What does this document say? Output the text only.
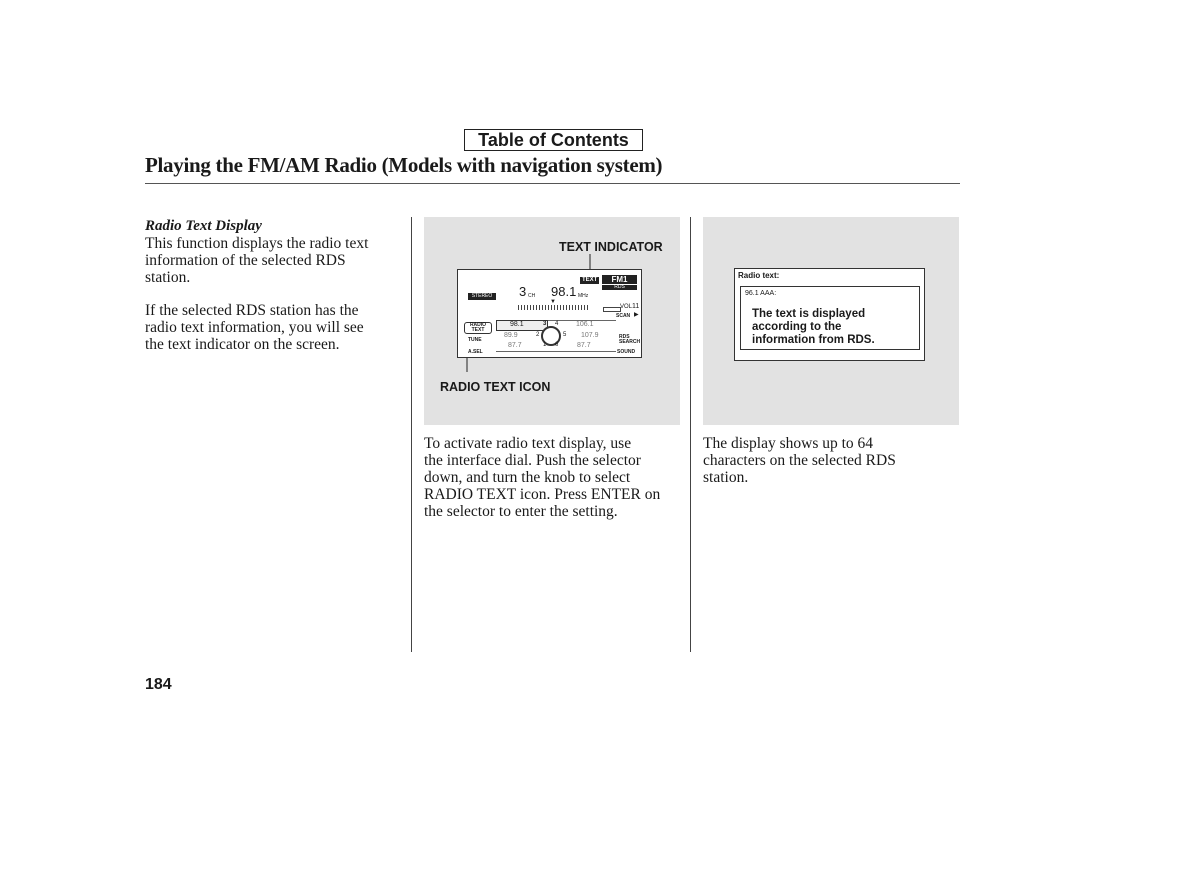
Table of Contents
Playing the FM/AM Radio (Models with navigation system)
Radio Text Display
This function displays the radio text
information of the selected RDS
station.
If the selected RDS station has the
radio text information, you will see
the text indicator on the screen.
TEXT INDICATOR
RADIO TEXT ICON
TEXT	FM1
RDS
STEREO 3 CH 98.1 MHz
▼
VOL 11
SCAN ▶
RADIO TEXT
TUNE
A.SEL
RDS SEARCH
SOUND
98.1
89.9
87.7
3
2
1
4
5
6
106.1
107.9
87.7
To activate radio text display, use
the interface dial. Push the selector
down, and turn the knob to select
RADIO TEXT icon. Press ENTER on
the selector to enter the setting.
Radio text:
96.1 AAA:
The text is displayed
according to the
information from RDS.
The display shows up to 64
characters on the selected RDS
station.
184
